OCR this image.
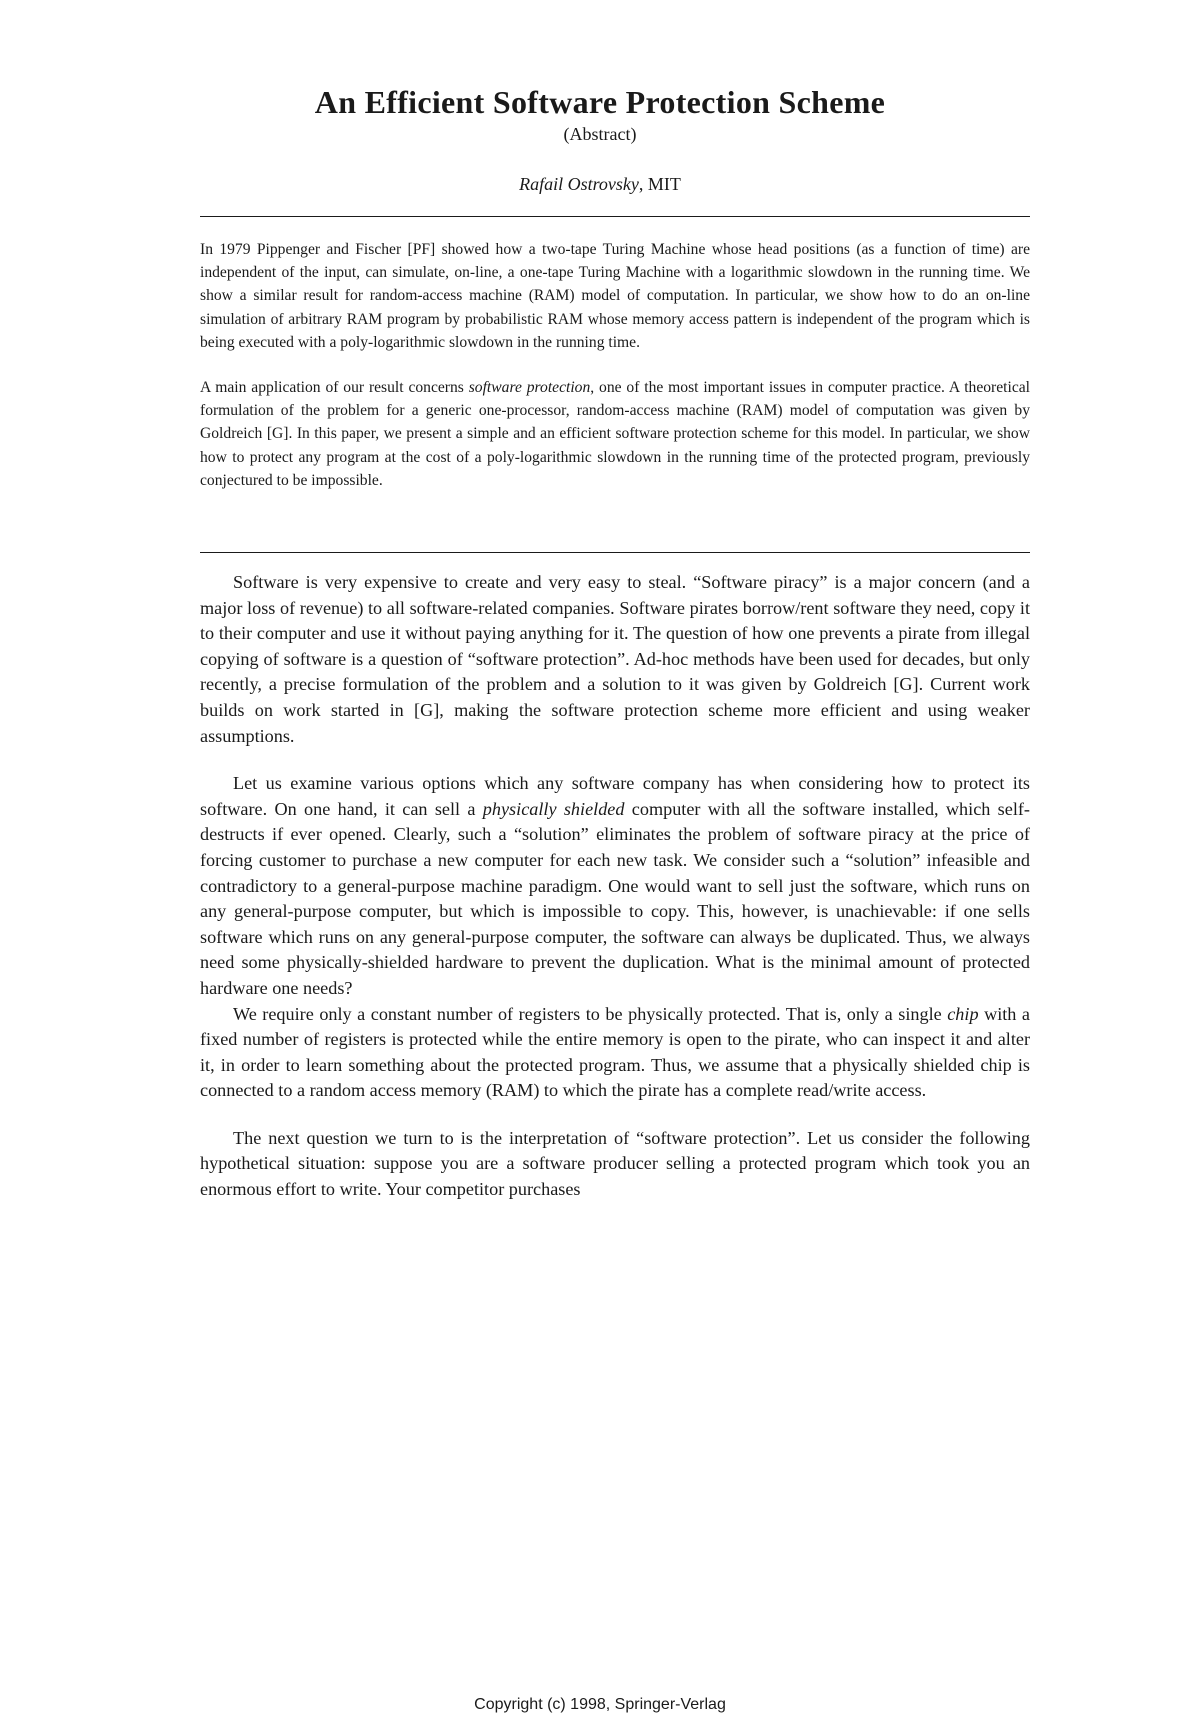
An Efficient Software Protection Scheme
(Abstract)
Rafail Ostrovsky, MIT

In 1979 Pippenger and Fischer [PF] showed how a two-tape Turing Machine whose head positions (as a function of time) are independent of the input, can simulate, on-line, a one-tape Turing Machine with a logarithmic slowdown in the running time. We show a similar result for random-access machine (RAM) model of computation. In particular, we show how to do an on-line simulation of arbitrary RAM program by probabilistic RAM whose memory access pattern is independent of the program which is being executed with a poly-logarithmic slowdown in the running time.

A main application of our result concerns software protection, one of the most important issues in computer practice. A theoretical formulation of the problem for a generic one-processor, random-access machine (RAM) model of computation was given by Goldreich [G]. In this paper, we present a simple and an efficient software protection scheme for this model. In particular, we show how to protect any program at the cost of a poly-logarithmic slowdown in the running time of the protected program, previously conjectured to be impossible.

Software is very expensive to create and very easy to steal. “Software piracy” is a major concern (and a major loss of revenue) to all software-related companies. Software pirates borrow/rent software they need, copy it to their computer and use it without paying anything for it. The question of how one prevents a pirate from illegal copying of software is a question of “software protection”. Ad-hoc methods have been used for decades, but only recently, a precise formulation of the problem and a solution to it was given by Goldreich [G]. Current work builds on work started in [G], making the software protection scheme more efficient and using weaker assumptions.

Let us examine various options which any software company has when considering how to protect its software. On one hand, it can sell a physically shielded computer with all the software installed, which self-destructs if ever opened. Clearly, such a “solution” eliminates the problem of software piracy at the price of forcing customer to purchase a new computer for each new task. We consider such a “solution” infeasible and contradictory to a general-purpose machine paradigm. One would want to sell just the software, which runs on any general-purpose computer, but which is impossible to copy. This, however, is unachievable: if one sells software which runs on any general-purpose computer, the software can always be duplicated. Thus, we always need some physically-shielded hardware to prevent the duplication. What is the minimal amount of protected hardware one needs?

We require only a constant number of registers to be physically protected. That is, only a single chip with a fixed number of registers is protected while the entire memory is open to the pirate, who can inspect it and alter it, in order to learn something about the protected program. Thus, we assume that a physically shielded chip is connected to a random access memory (RAM) to which the pirate has a complete read/write access.

The next question we turn to is the interpretation of “software protection”. Let us consider the following hypothetical situation: suppose you are a software producer selling a protected program which took you an enormous effort to write. Your competitor purchases

Copyright (c) 1998, Springer-Verlag
